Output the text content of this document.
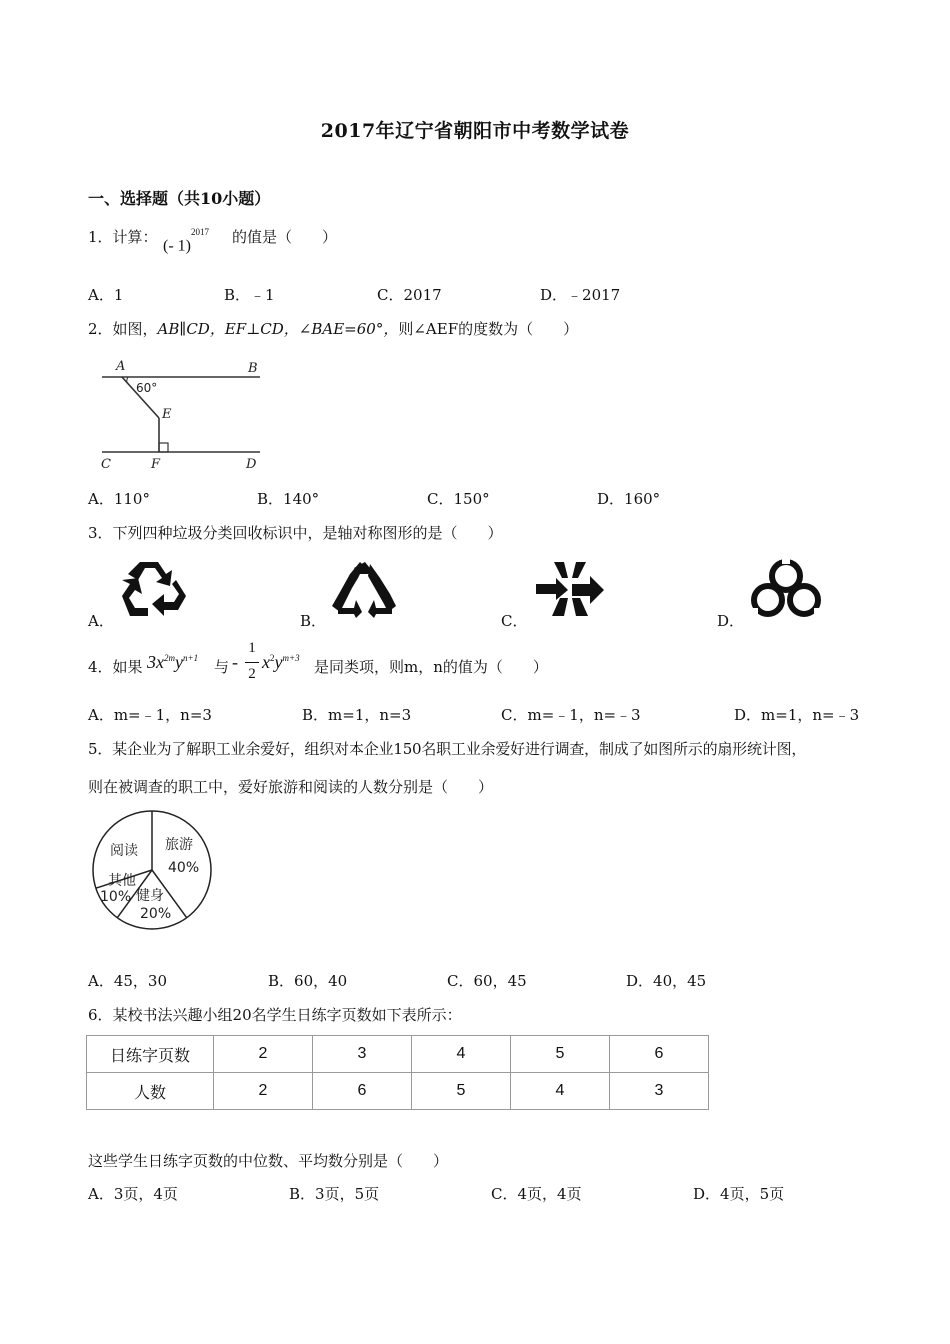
2017年辽宁省朝阳市中考数学试卷
一、选择题（共10小题）
1．计算： (- 1)$^{2017}$ 的值是（　　）
A．1	B．﹣1	C．2017	D．﹣2017
2．如图，AB∥CD，EF⊥CD，∠BAE=60°，则∠AEF的度数为（　　）
A	B
60°
E
C	F	D
A．110°	B．140°	C．150°	D．160°
3．下列四种垃圾分类回收标识中，是轴对称图形的是（　　）
A．	B．	C．	D．
4．如果 $3x^{2m}y^{n+1}$ 与 -
1
2
$x^2y^{m+3}$ 是同类项，则m，n的值为（　　）
A．m=﹣1，n=3	B．m=1，n=3	C．m=﹣1，n=﹣3	D．m=1，n=﹣3
5．某企业为了解职工业余爱好，组织对本企业150名职工业余爱好进行调查，制成了如图所示的扇形统计图，
则在被调查的职工中，爱好旅游和阅读的人数分别是（　　）
阅读 旅游
40%
其他
10% 健身
20%
A．45，30	B．60，40	C．60，45	D．40，45
6．某校书法兴趣小组20名学生日练字页数如下表所示：
日练字页数	2	3	4	5	6
人数	2	6	5	4	3
这些学生日练字页数的中位数、平均数分别是（　　）
A．3页，4页	B．3页，5页	C．4页，4页	D．4页，5页
